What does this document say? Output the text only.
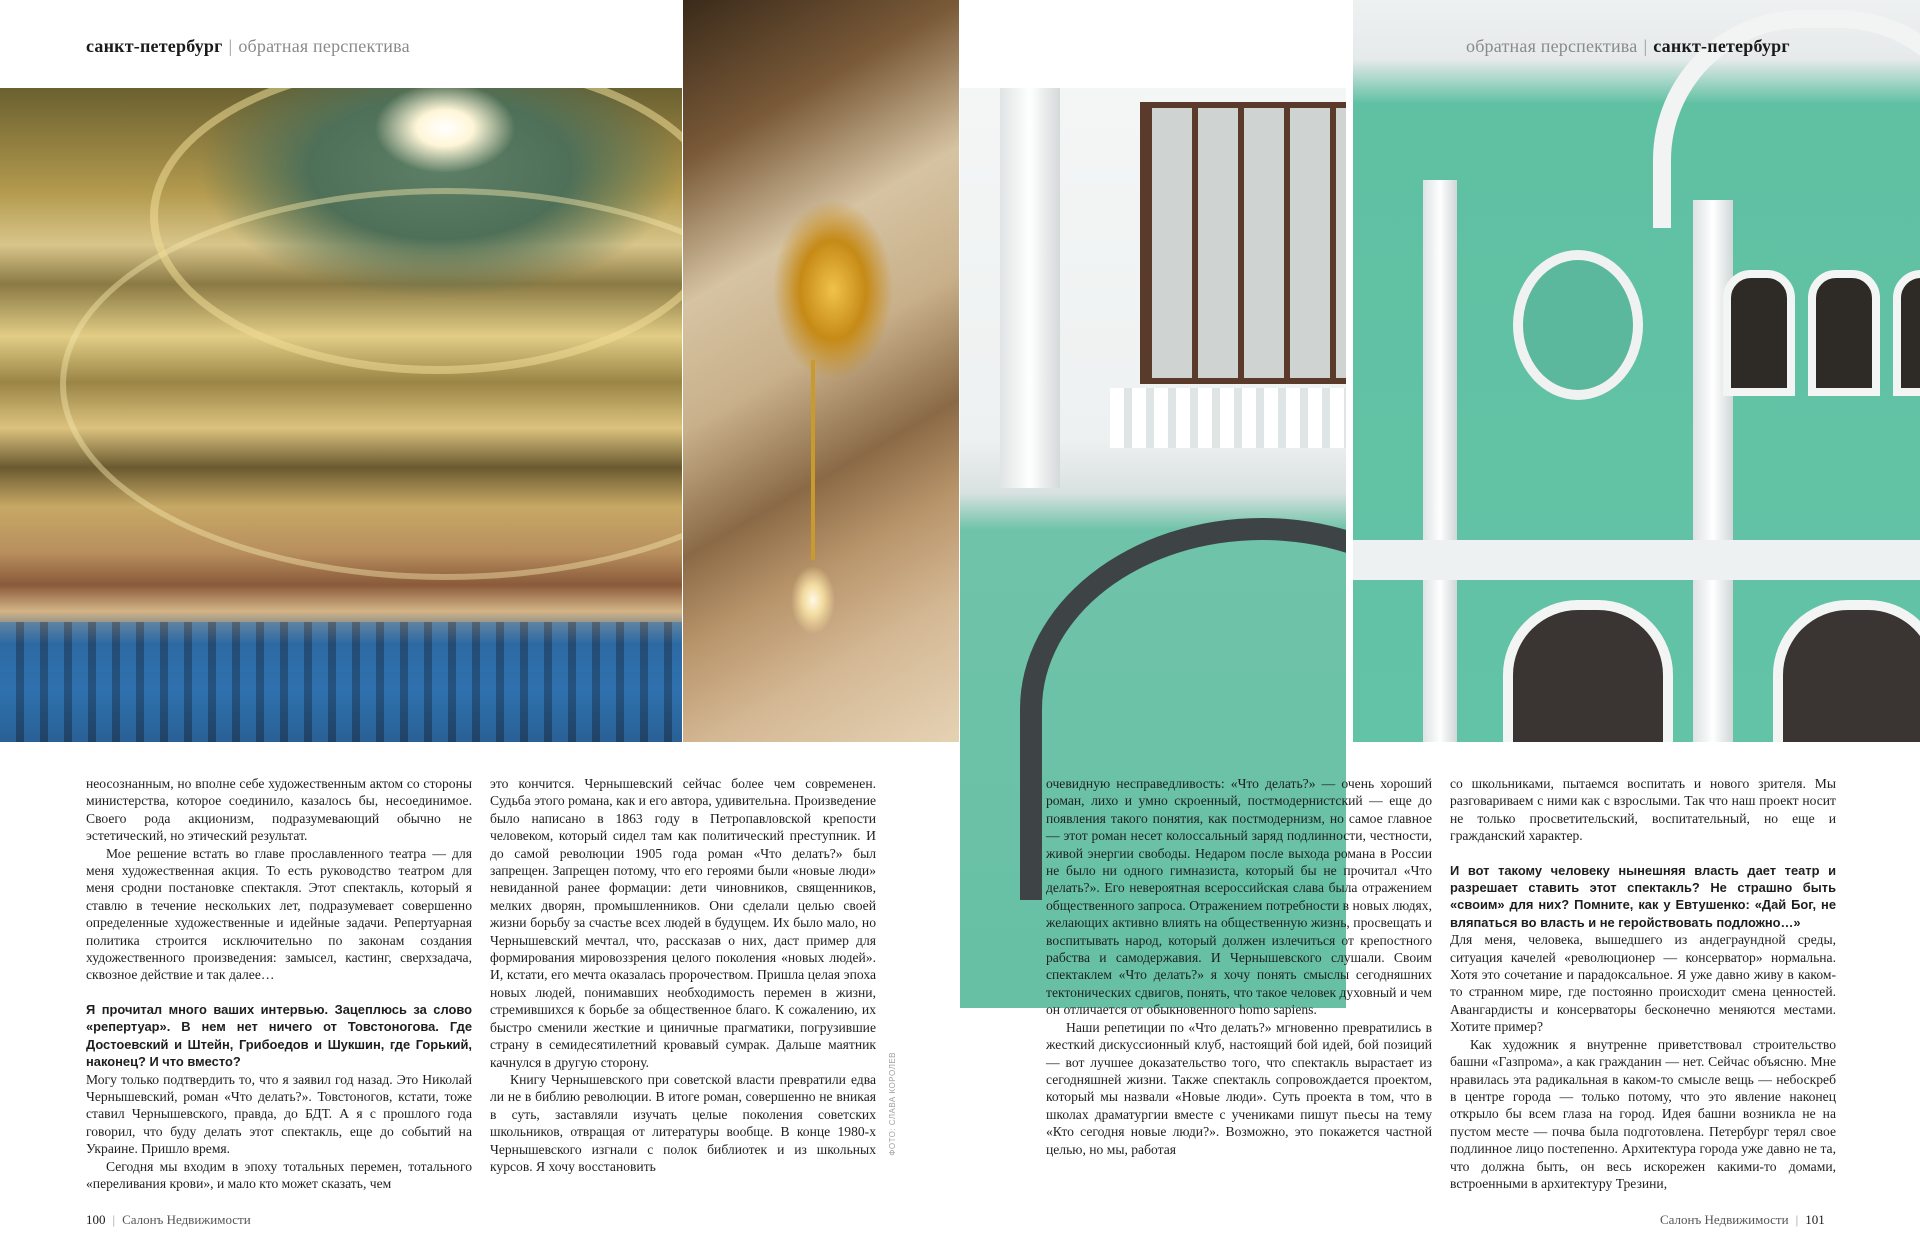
санкт-петербург | обратная перспектива	обратная перспектива | санкт-петербург

неосознанным, но вполне себе художественным актом со стороны министерства, которое соединило, казалось бы, несоединимое. Своего рода акционизм, подразумевающий обычно не эстетический, но этический результат.

Мое решение встать во главе прославленного театра — для меня художественная акция. То есть руководство театром для меня сродни постановке спектакля. Этот спектакль, который я ставлю в течение нескольких лет, подразумевает совершенно определенные художественные и идейные задачи. Репертуарная политика строится исключительно по законам создания художественного произведения: замысел, кастинг, сверхзадача, сквозное действие и так далее…

Я прочитал много ваших интервью. Зацеплюсь за слово «репертуар». В нем нет ничего от Товстоногова. Где Достоевский и Штейн, Грибоедов и Шукшин, где Горький, наконец? И что вместо?

Могу только подтвердить то, что я заявил год назад. Это Николай Чернышевский, роман «Что делать?». Товстоногов, кстати, тоже ставил Чернышевского, правда, до БДТ. А я с прошлого года говорил, что буду делать этот спектакль, еще до событий на Украине. Пришло время.

Сегодня мы входим в эпоху тотальных перемен, тотального «переливания крови», и мало кто может сказать, чем

это кончится. Чернышевский сейчас более чем современен. Судьба этого романа, как и его автора, удивительна. Произведение было написано в 1863 году в Петропавловской крепости человеком, который сидел там как политический преступник. И до самой революции 1905 года роман «Что делать?» был запрещен. Запрещен потому, что его героями были «новые люди» невиданной ранее формации: дети чиновников, священников, мелких дворян, промышленников. Они сделали целью своей жизни борьбу за счастье всех людей в будущем. Их было мало, но Чернышевский мечтал, что, рассказав о них, даст пример для формирования мировоззрения целого поколения «новых людей». И, кстати, его мечта оказалась пророчеством. Пришла целая эпоха новых людей, понимавших необходимость перемен в жизни, стремившихся к борьбе за общественное благо. К сожалению, их быстро сменили жесткие и циничные прагматики, погрузившие страну в семидесятилетний кровавый сумрак. Дальше маятник качнулся в другую сторону.

Книгу Чернышевского при советской власти превратили едва ли не в библию революции. В итоге роман, совершенно не вникая в суть, заставляли изучать целые поколения советских школьников, отвращая от литературы вообще. В конце 1980-х Чернышевского изгнали с полок библиотек и из школьных курсов. Я хочу восстановить

очевидную несправедливость: «Что делать?» — очень хороший роман, лихо и умно скроенный, постмодернистский — еще до появления такого понятия, как постмодернизм, но самое главное — этот роман несет колоссальный заряд подлинности, честности, живой энергии свободы. Недаром после выхода романа в России не было ни одного гимназиста, который бы не прочитал «Что делать?». Его невероятная всероссийская слава была отражением общественного запроса. Отражением потребности в новых людях, желающих активно влиять на общественную жизнь, просвещать и воспитывать народ, который должен излечиться от крепостного рабства и самодержавия. И Чернышевского слушали. Своим спектаклем «Что делать?» я хочу понять смыслы сегодняшних тектонических сдвигов, понять, что такое человек духовный и чем он отличается от обыкновенного homo sapiens.

Наши репетиции по «Что делать?» мгновенно превратились в жесткий дискуссионный клуб, настоящий бой идей, бой позиций — вот лучшее доказательство того, что спектакль вырастает из сегодняшней жизни. Также спектакль сопровождается проектом, который мы назвали «Новые люди». Суть проекта в том, что в школах драматургии вместе с учениками пишут пьесы на тему «Кто сегодня новые люди?». Возможно, это покажется частной целью, но мы, работая

со школьниками, пытаемся воспитать и нового зрителя. Мы разговариваем с ними как с взрослыми. Так что наш проект носит не только просветительский, воспитательный, но еще и гражданский характер.

И вот такому человеку нынешняя власть дает театр и разрешает ставить этот спектакль? Не страшно быть «своим» для них? Помните, как у Евтушенко: «Дай Бог, не вляпаться во власть и не геройствовать подложно…»

Для меня, человека, вышедшего из андеграундной среды, ситуация качелей «революционер — консерватор» нормальна. Хотя это сочетание и парадоксальное. Я уже давно живу в каком-то странном мире, где постоянно происходит смена ценностей. Авангардисты и консерваторы бесконечно меняются местами. Хотите пример?

Как художник я внутренне приветствовал строительство башни «Газпрома», а как гражданин — нет. Сейчас объясню. Мне нравилась эта радикальная в каком-то смысле вещь — небоскреб в центре города — только потому, что это явление наконец открыло бы всем глаза на город. Идея башни возникла не на пустом месте — почва была подготовлена. Петербург терял свое подлинное лицо постепенно. Архитектура города уже давно не та, что должна быть, он весь искорежен какими-то домами, встроенными в архитектуру Трезини,

ФОТО: СЛАВА КОРОЛЕВ
100 | Салонъ Недвижимости	Салонъ Недвижимости | 101
